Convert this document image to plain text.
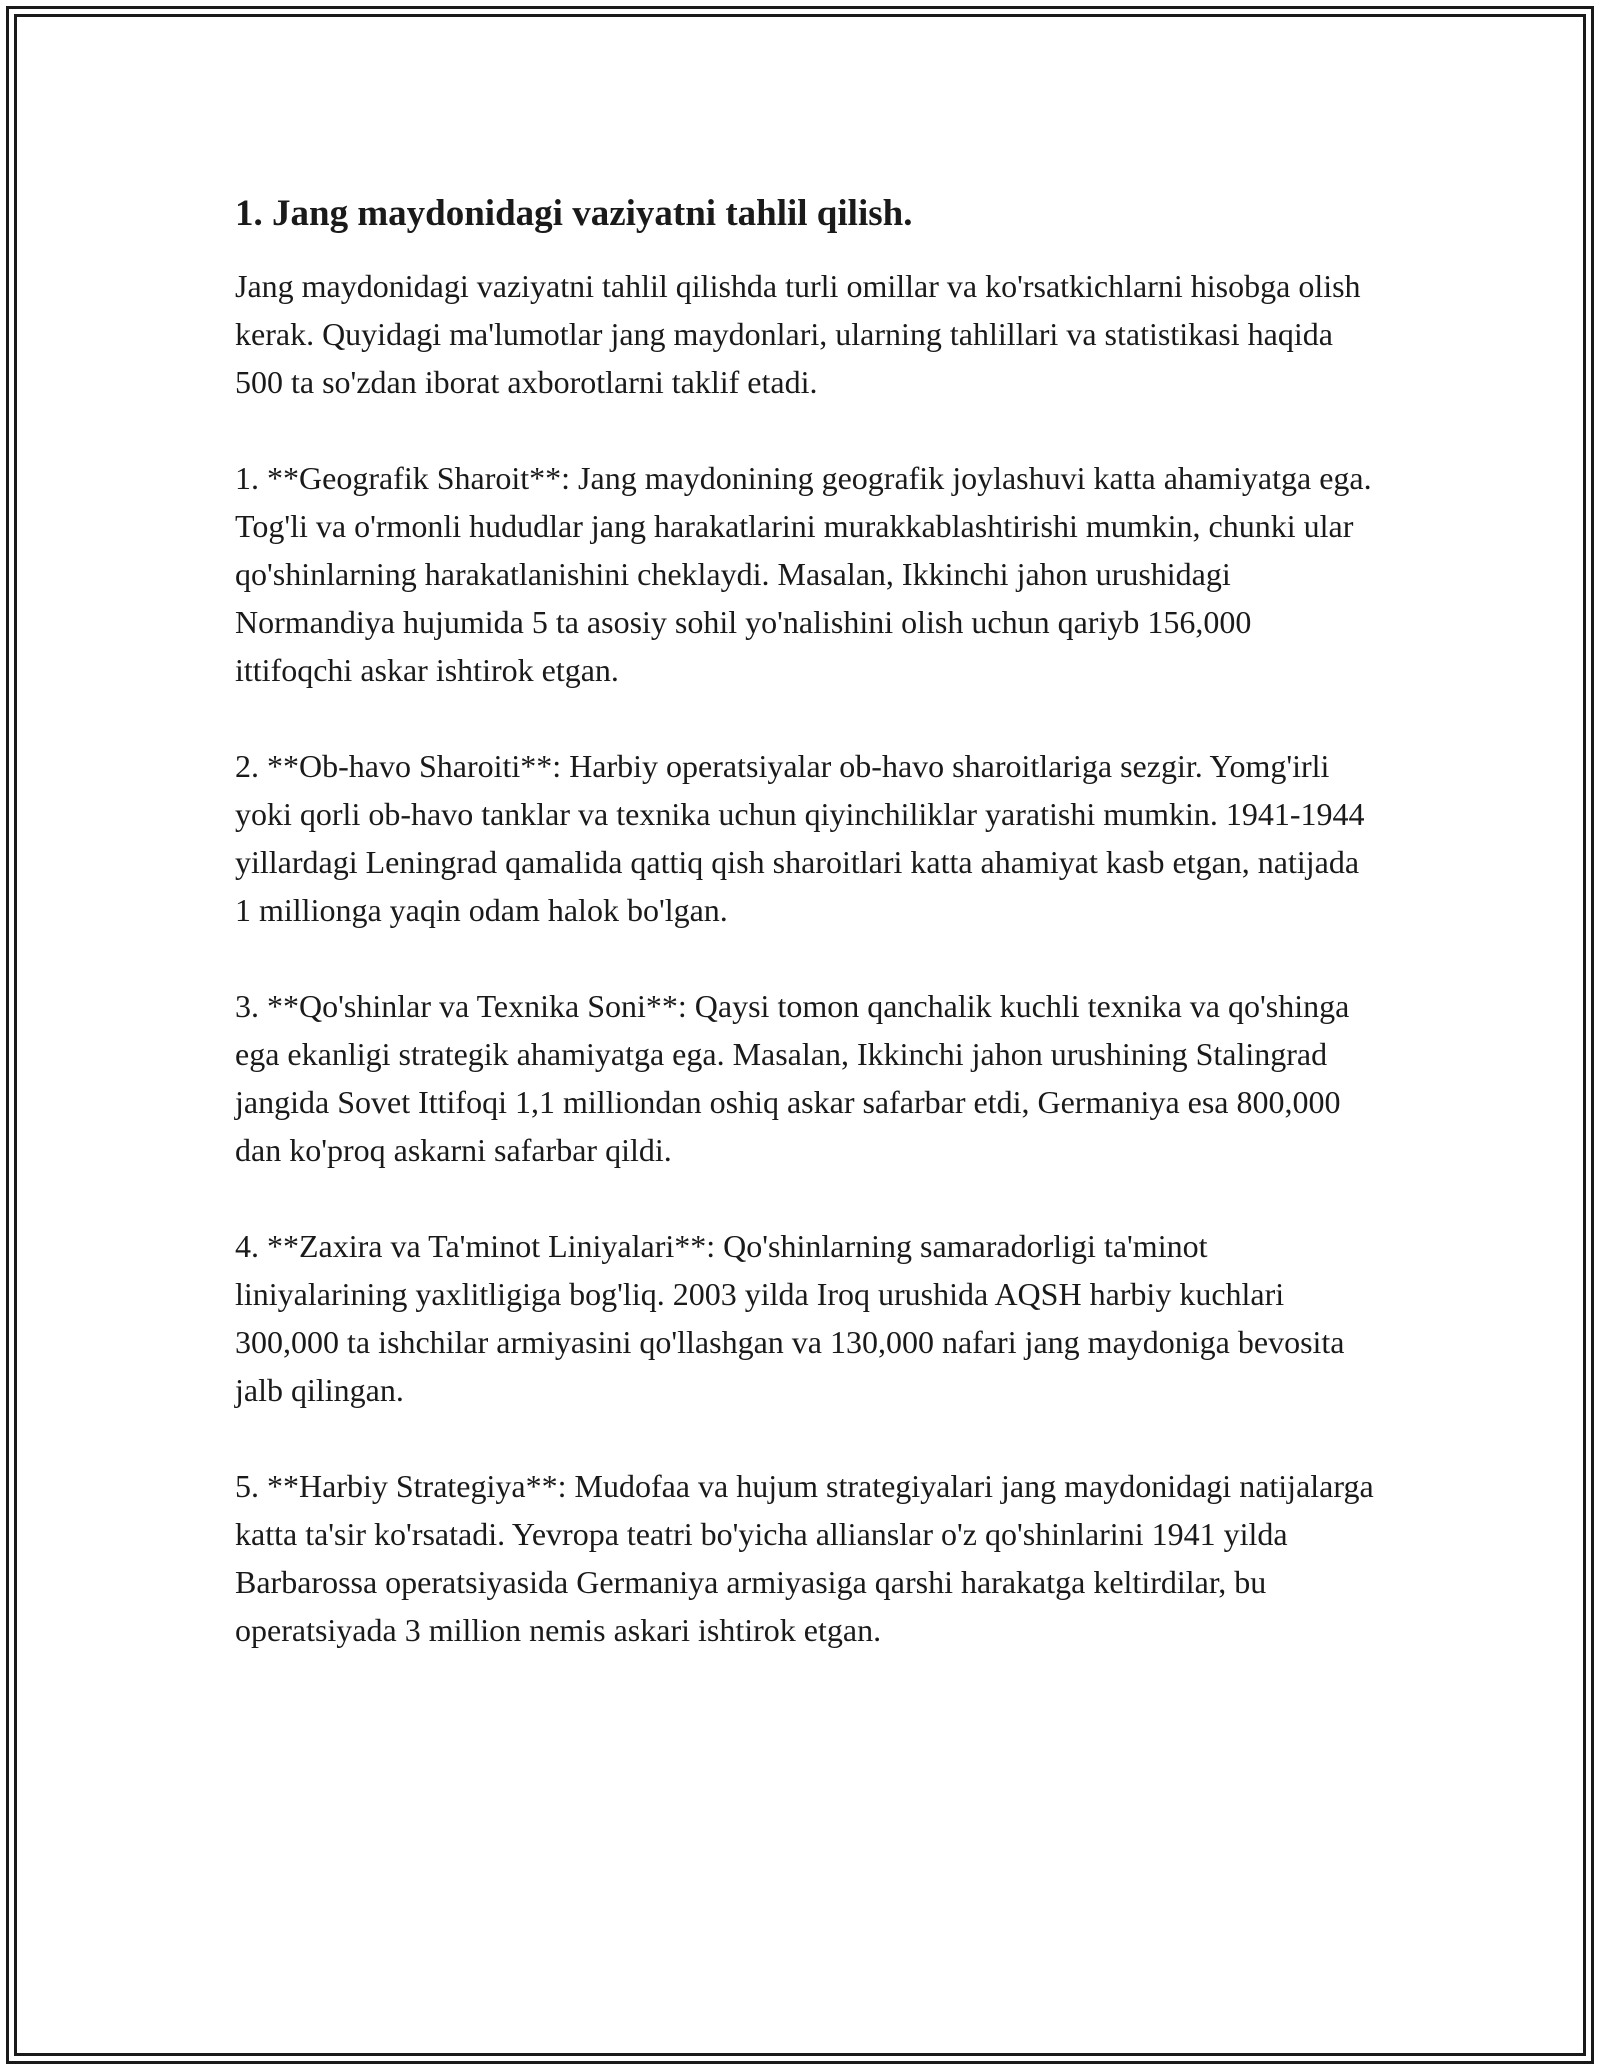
1. Jang maydonidagi vaziyatni tahlil qilish.

Jang maydonidagi vaziyatni tahlil qilishda turli omillar va ko'rsatkichlarni hisobga olish kerak. Quyidagi ma'lumotlar jang maydonlari, ularning tahlillari va statistikasi haqida 500 ta so'zdan iborat axborotlarni taklif etadi.

1. **Geografik Sharoit**: Jang maydonining geografik joylashuvi katta ahamiyatga ega. Tog'li va o'rmonli hududlar jang harakatlarini murakkablashtirishi mumkin, chunki ular qo'shinlarning harakatlanishini cheklaydi. Masalan, Ikkinchi jahon urushidagi Normandiya hujumida 5 ta asosiy sohil yo'nalishini olish uchun qariyb 156,000 ittifoqchi askar ishtirok etgan.

2. **Ob-havo Sharoiti**: Harbiy operatsiyalar ob-havo sharoitlariga sezgir. Yomg'irli yoki qorli ob-havo tanklar va texnika uchun qiyinchiliklar yaratishi mumkin. 1941-1944 yillardagi Leningrad qamalida qattiq qish sharoitlari katta ahamiyat kasb etgan, natijada 1 millionga yaqin odam halok bo'lgan.

3. **Qo'shinlar va Texnika Soni**: Qaysi tomon qanchalik kuchli texnika va qo'shinga ega ekanligi strategik ahamiyatga ega. Masalan, Ikkinchi jahon urushining Stalingrad jangida Sovet Ittifoqi 1,1 milliondan oshiq askar safarbar etdi, Germaniya esa 800,000 dan ko'proq askarni safarbar qildi.

4. **Zaxira va Ta'minot Liniyalari**: Qo'shinlarning samaradorligi ta'minot liniyalarining yaxlitligiga bog'liq. 2003 yilda Iroq urushida AQSH harbiy kuchlari 300,000 ta ishchilar armiyasini qo'llashgan va 130,000 nafari jang maydoniga bevosita jalb qilingan.

5. **Harbiy Strategiya**: Mudofaa va hujum strategiyalari jang maydonidagi natijalarga katta ta'sir ko'rsatadi. Yevropa teatri bo'yicha allianslar o'z qo'shinlarini 1941 yilda Barbarossa operatsiyasida Germaniya armiyasiga qarshi harakatga keltirdilar, bu operatsiyada 3 million nemis askari ishtirok etgan.
